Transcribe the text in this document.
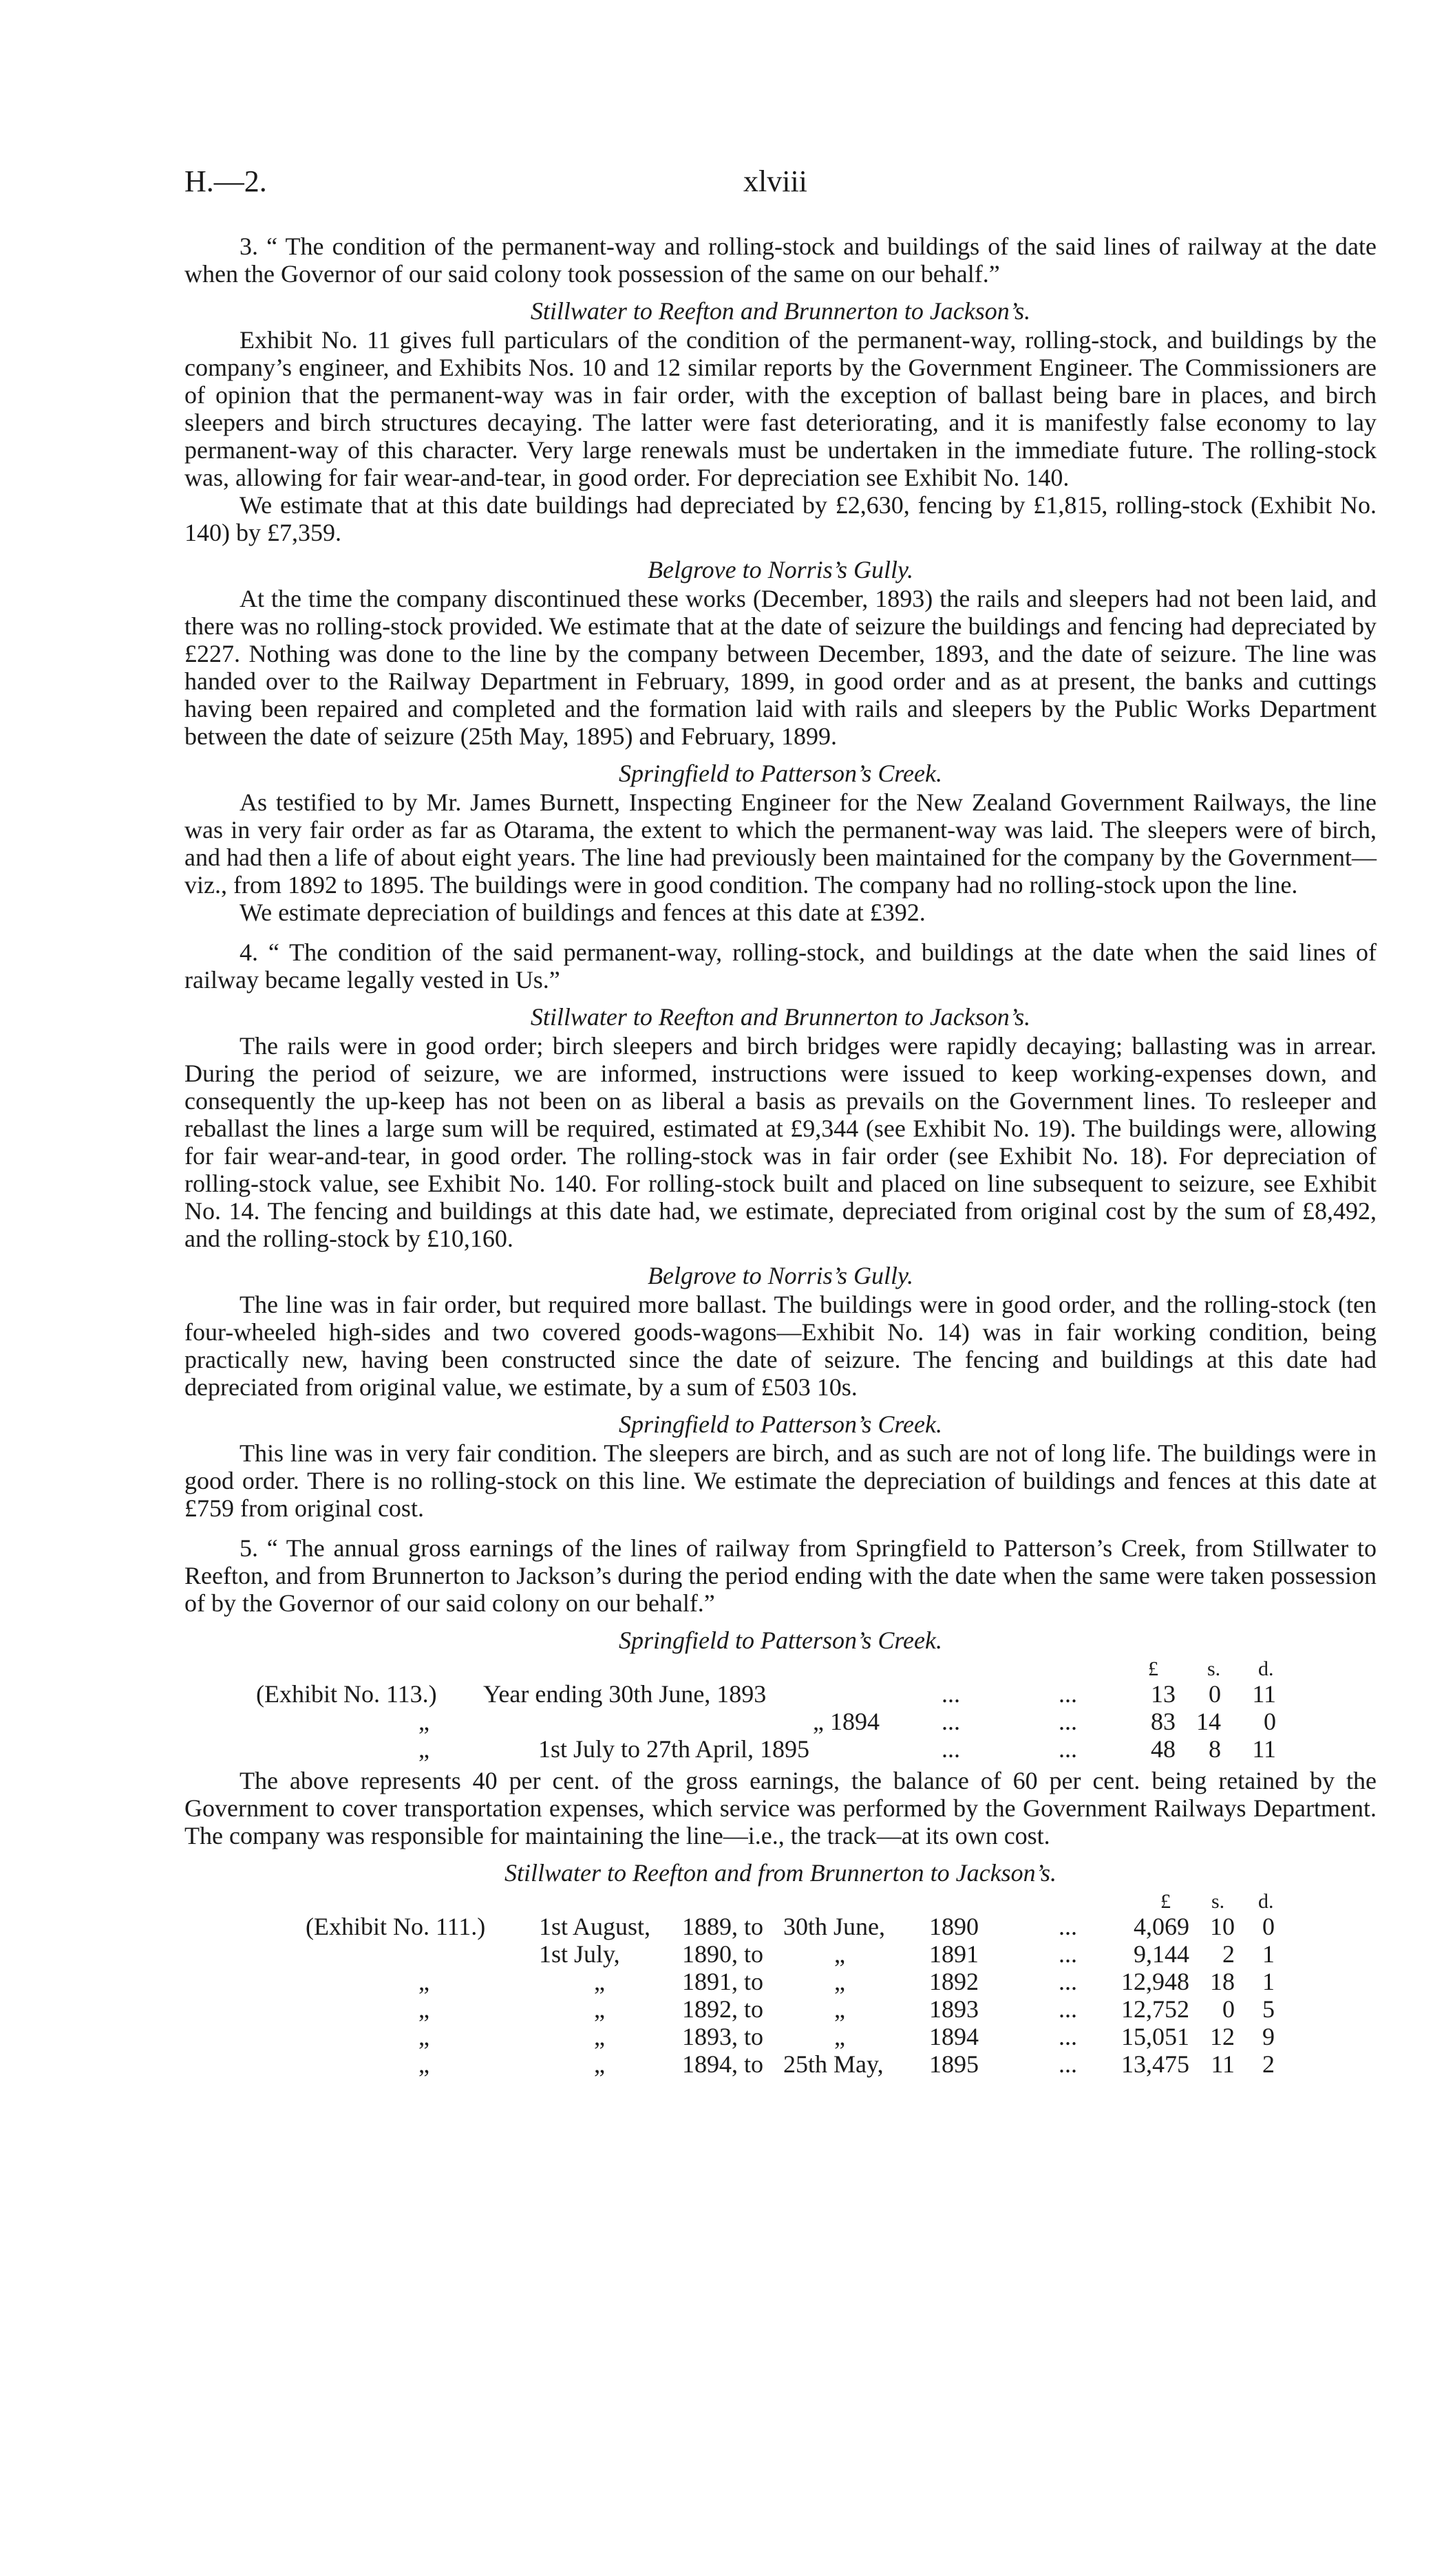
H.—2.	xlviii

3. “ The condition of the permanent-way and rolling-stock and buildings of the said lines of railway at the date when the Governor of our said colony took possession of the same on our behalf.”

Stillwater to Reefton and Brunnerton to Jackson’s.

Exhibit No. 11 gives full particulars of the condition of the permanent-way, rolling-stock, and buildings by the company’s engineer, and Exhibits Nos. 10 and 12 similar reports by the Government Engineer. The Commissioners are of opinion that the permanent-way was in fair order, with the exception of ballast being bare in places, and birch sleepers and birch structures decaying. The latter were fast deteriorating, and it is manifestly false economy to lay permanent-way of this character. Very large renewals must be undertaken in the immediate future. The rolling-stock was, allowing for fair wear-and-tear, in good order. For depreciation see Exhibit No. 140.

We estimate that at this date buildings had depreciated by £2,630, fencing by £1,815, rolling-stock (Exhibit No. 140) by £7,359.

Belgrove to Norris’s Gully.

At the time the company discontinued these works (December, 1893) the rails and sleepers had not been laid, and there was no rolling-stock provided. We estimate that at the date of seizure the buildings and fencing had depreciated by £227. Nothing was done to the line by the company between December, 1893, and the date of seizure. The line was handed over to the Railway Department in February, 1899, in good order and as at present, the banks and cuttings having been repaired and completed and the formation laid with rails and sleepers by the Public Works Department between the date of seizure (25th May, 1895) and February, 1899.

Springfield to Patterson’s Creek.

As testified to by Mr. James Burnett, Inspecting Engineer for the New Zealand Government Railways, the line was in very fair order as far as Otarama, the extent to which the permanent-way was laid. The sleepers were of birch, and had then a life of about eight years. The line had previously been maintained for the company by the Government—viz., from 1892 to 1895. The buildings were in good condition. The company had no rolling-stock upon the line.

We estimate depreciation of buildings and fences at this date at £392.

4. “ The condition of the said permanent-way, rolling-stock, and buildings at the date when the said lines of railway became legally vested in Us.”

Stillwater to Reefton and Brunnerton to Jackson’s.

The rails were in good order; birch sleepers and birch bridges were rapidly decaying; ballasting was in arrear. During the period of seizure, we are informed, instructions were issued to keep working-expenses down, and consequently the up-keep has not been on as liberal a basis as prevails on the Government lines. To resleeper and reballast the lines a large sum will be required, estimated at £9,344 (see Exhibit No. 19). The buildings were, allowing for fair wear-and-tear, in good order. The rolling-stock was in fair order (see Exhibit No. 18). For depreciation of rolling-stock value, see Exhibit No. 140. For rolling-stock built and placed on line subsequent to seizure, see Exhibit No. 14. The fencing and buildings at this date had, we estimate, depreciated from original cost by the sum of £8,492, and the rolling-stock by £10,160.

Belgrove to Norris’s Gully.

The line was in fair order, but required more ballast. The buildings were in good order, and the rolling-stock (ten four-wheeled high-sides and two covered goods-wagons—Exhibit No. 14) was in fair working condition, being practically new, having been constructed since the date of seizure. The fencing and buildings at this date had depreciated from original value, we estimate, by a sum of £503 10s.

Springfield to Patterson’s Creek.

This line was in very fair condition. The sleepers are birch, and as such are not of long life. The buildings were in good order. There is no rolling-stock on this line. We estimate the depreciation of buildings and fences at this date at £759 from original cost.

5. “ The annual gross earnings of the lines of railway from Springfield to Patterson’s Creek, from Stillwater to Reefton, and from Brunnerton to Jackson’s during the period ending with the date when the same were taken possession of by the Governor of our said colony on our behalf.”

Springfield to Patterson’s Creek.

£ s. d.
(Exhibit No. 113.) Year ending 30th June, 1893	...	...	13	0	11
„	„ 1894	...	...	83 14	0
„	1st July to 27th April, 1895	...	...	48	8	11

The above represents 40 per cent. of the gross earnings, the balance of 60 per cent. being retained by the Government to cover transportation expenses, which service was performed by the Government Railways Department. The company was responsible for maintaining the line—i.e., the track—at its own cost.

Stillwater to Reefton and from Brunnerton to Jackson’s.

£ s. d.
(Exhibit No. 111.) 1st August, 1889, to 30th June, 1890	...	4,069 10	0
1st July,	1890, to	„	1891	...	9,144	2	1
„	„	1891, to	„	1892	...	12,948 18	1
„	„	1892, to	„	1893	...	12,752	0	5
„	„	1893, to	„	1894	...	15,051 12	9
„	„	1894, to 25th May, 1895	...	13,475 11	2
